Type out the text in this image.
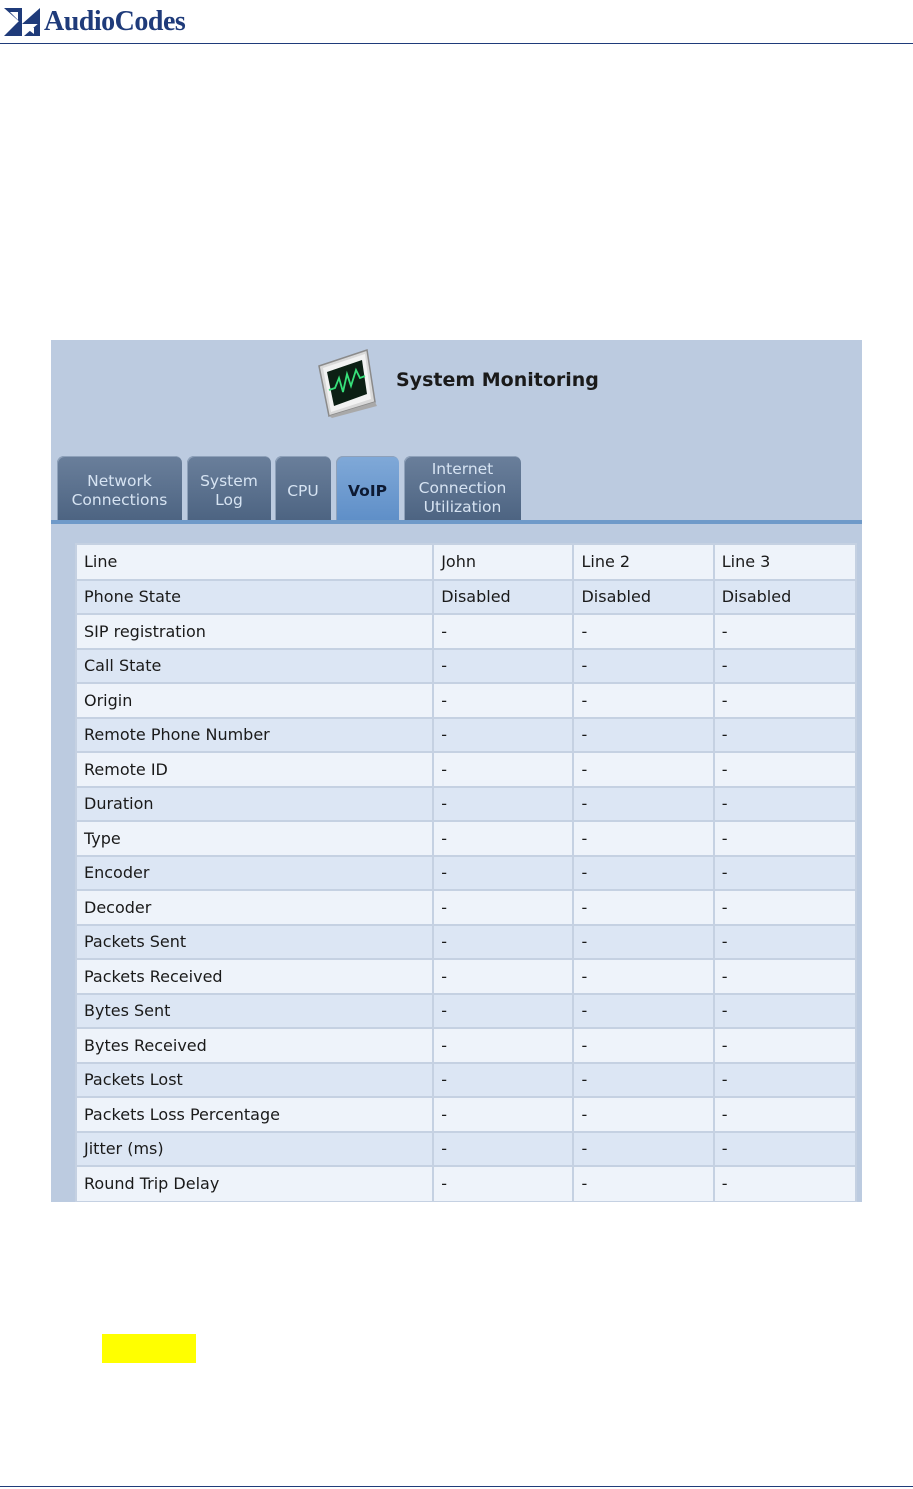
AudioCodes
System Monitoring
Network
Connections
System
Log
CPU VoIP
Internet
Connection
Utilization
Line	John	Line 2	Line 3
Phone State	Disabled	Disabled	Disabled
SIP registration	-	-	-
Call State	-	-	-
Origin	-	-	-
Remote Phone Number	-	-	-
Remote ID	-	-	-
Duration	-	-	-
Type	-	-	-
Encoder	-	-	-
Decoder	-	-	-
Packets Sent	-	-	-
Packets Received	-	-	-
Bytes Sent	-	-	-
Bytes Received	-	-	-
Packets Lost	-	-	-
Packets Loss Percentage	-	-	-
Jitter (ms)	-	-	-
Round Trip Delay	-	-	-
